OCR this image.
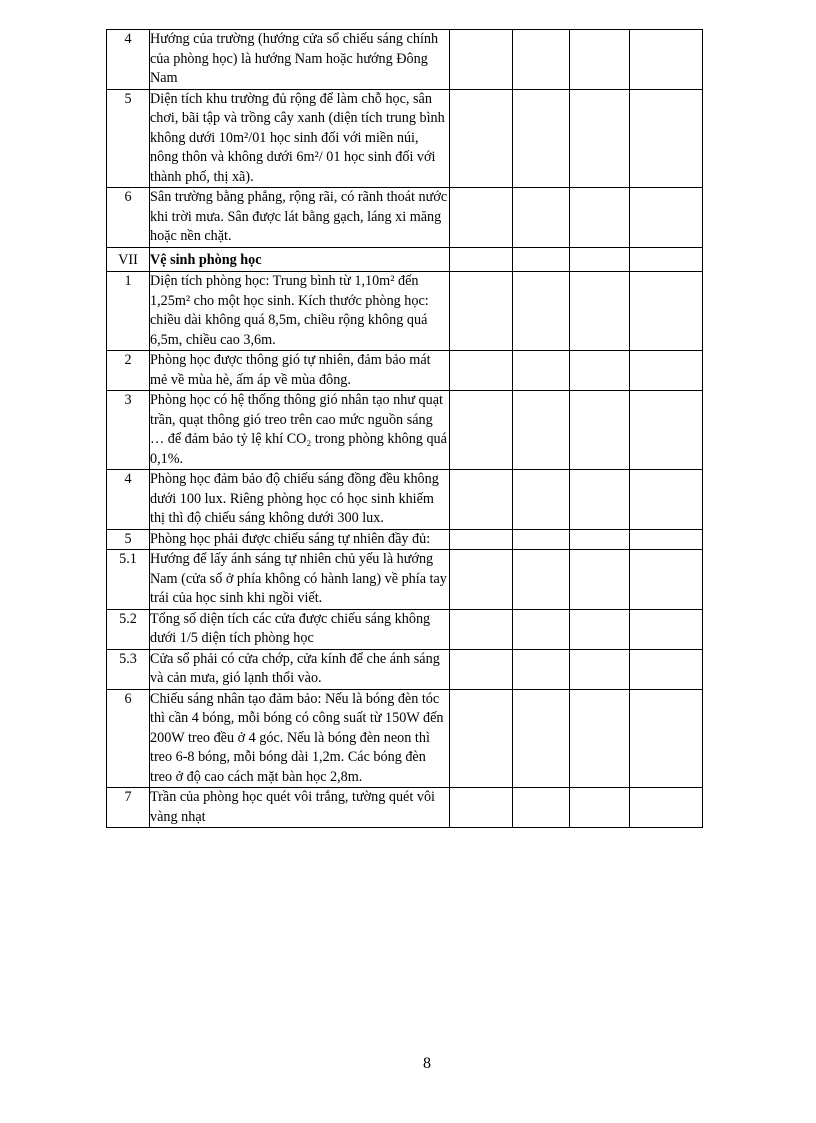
4	Hướng của trường (hướng cửa sổ chiếu sáng chính của phòng học) là hướng Nam hoặc hướng Đông Nam				
5	Diện tích khu trường đủ rộng để làm chỗ học, sân chơi, bãi tập và trồng cây xanh (diện tích trung bình không dưới 10m²/01 học sinh đối với miền núi, nông thôn và không dưới 6m²/ 01 học sinh đối với thành phố, thị xã).				
6	Sân trường bằng phẳng, rộng rãi, có rãnh thoát nước khi trời mưa. Sân được lát bằng gạch, láng xi măng hoặc nền chặt.				
VII	Vệ sinh phòng học				
1	Diện tích phòng học: Trung bình từ 1,10m² đến 1,25m² cho một học sinh. Kích thước phòng học: chiều dài không quá 8,5m, chiều rộng không quá 6,5m, chiều cao 3,6m.				
2	Phòng học được thông gió tự nhiên, đảm bảo mát mẻ về mùa hè, ấm áp về mùa đông.				
3	Phòng học có hệ thống thông gió nhân tạo như quạt trần, quạt thông gió treo trên cao mức nguồn sáng … để đảm bảo tỷ lệ khí CO₂ trong phòng không quá 0,1%.				
4	Phòng học đảm bảo độ chiếu sáng đồng đều không dưới 100 lux. Riêng phòng học có học sinh khiếm thị thì độ chiếu sáng không dưới 300 lux.				
5	Phòng học phải được chiếu sáng tự nhiên đầy đủ:				
5.1	Hướng để lấy ánh sáng tự nhiên chủ yếu là hướng Nam (cửa sổ ở phía không có hành lang) về phía tay trái của học sinh khi ngồi viết.				
5.2	Tổng số diện tích các cửa được chiếu sáng không dưới 1/5 diện tích phòng học				
5.3	Cửa sổ phải có cửa chớp, cửa kính để che ánh sáng và cản mưa, gió lạnh thổi vào.				
6	Chiếu sáng nhân tạo đảm bảo: Nếu là bóng đèn tóc thì cần 4 bóng, mỗi bóng có công suất từ 150W đến 200W treo đều ở 4 góc. Nếu là bóng đèn neon thì treo 6-8 bóng, mỗi bóng dài 1,2m. Các bóng đèn treo ở độ cao cách mặt bàn học 2,8m.				
7	Trần của phòng học quét vôi trắng, tường quét vôi vàng nhạt				
8
